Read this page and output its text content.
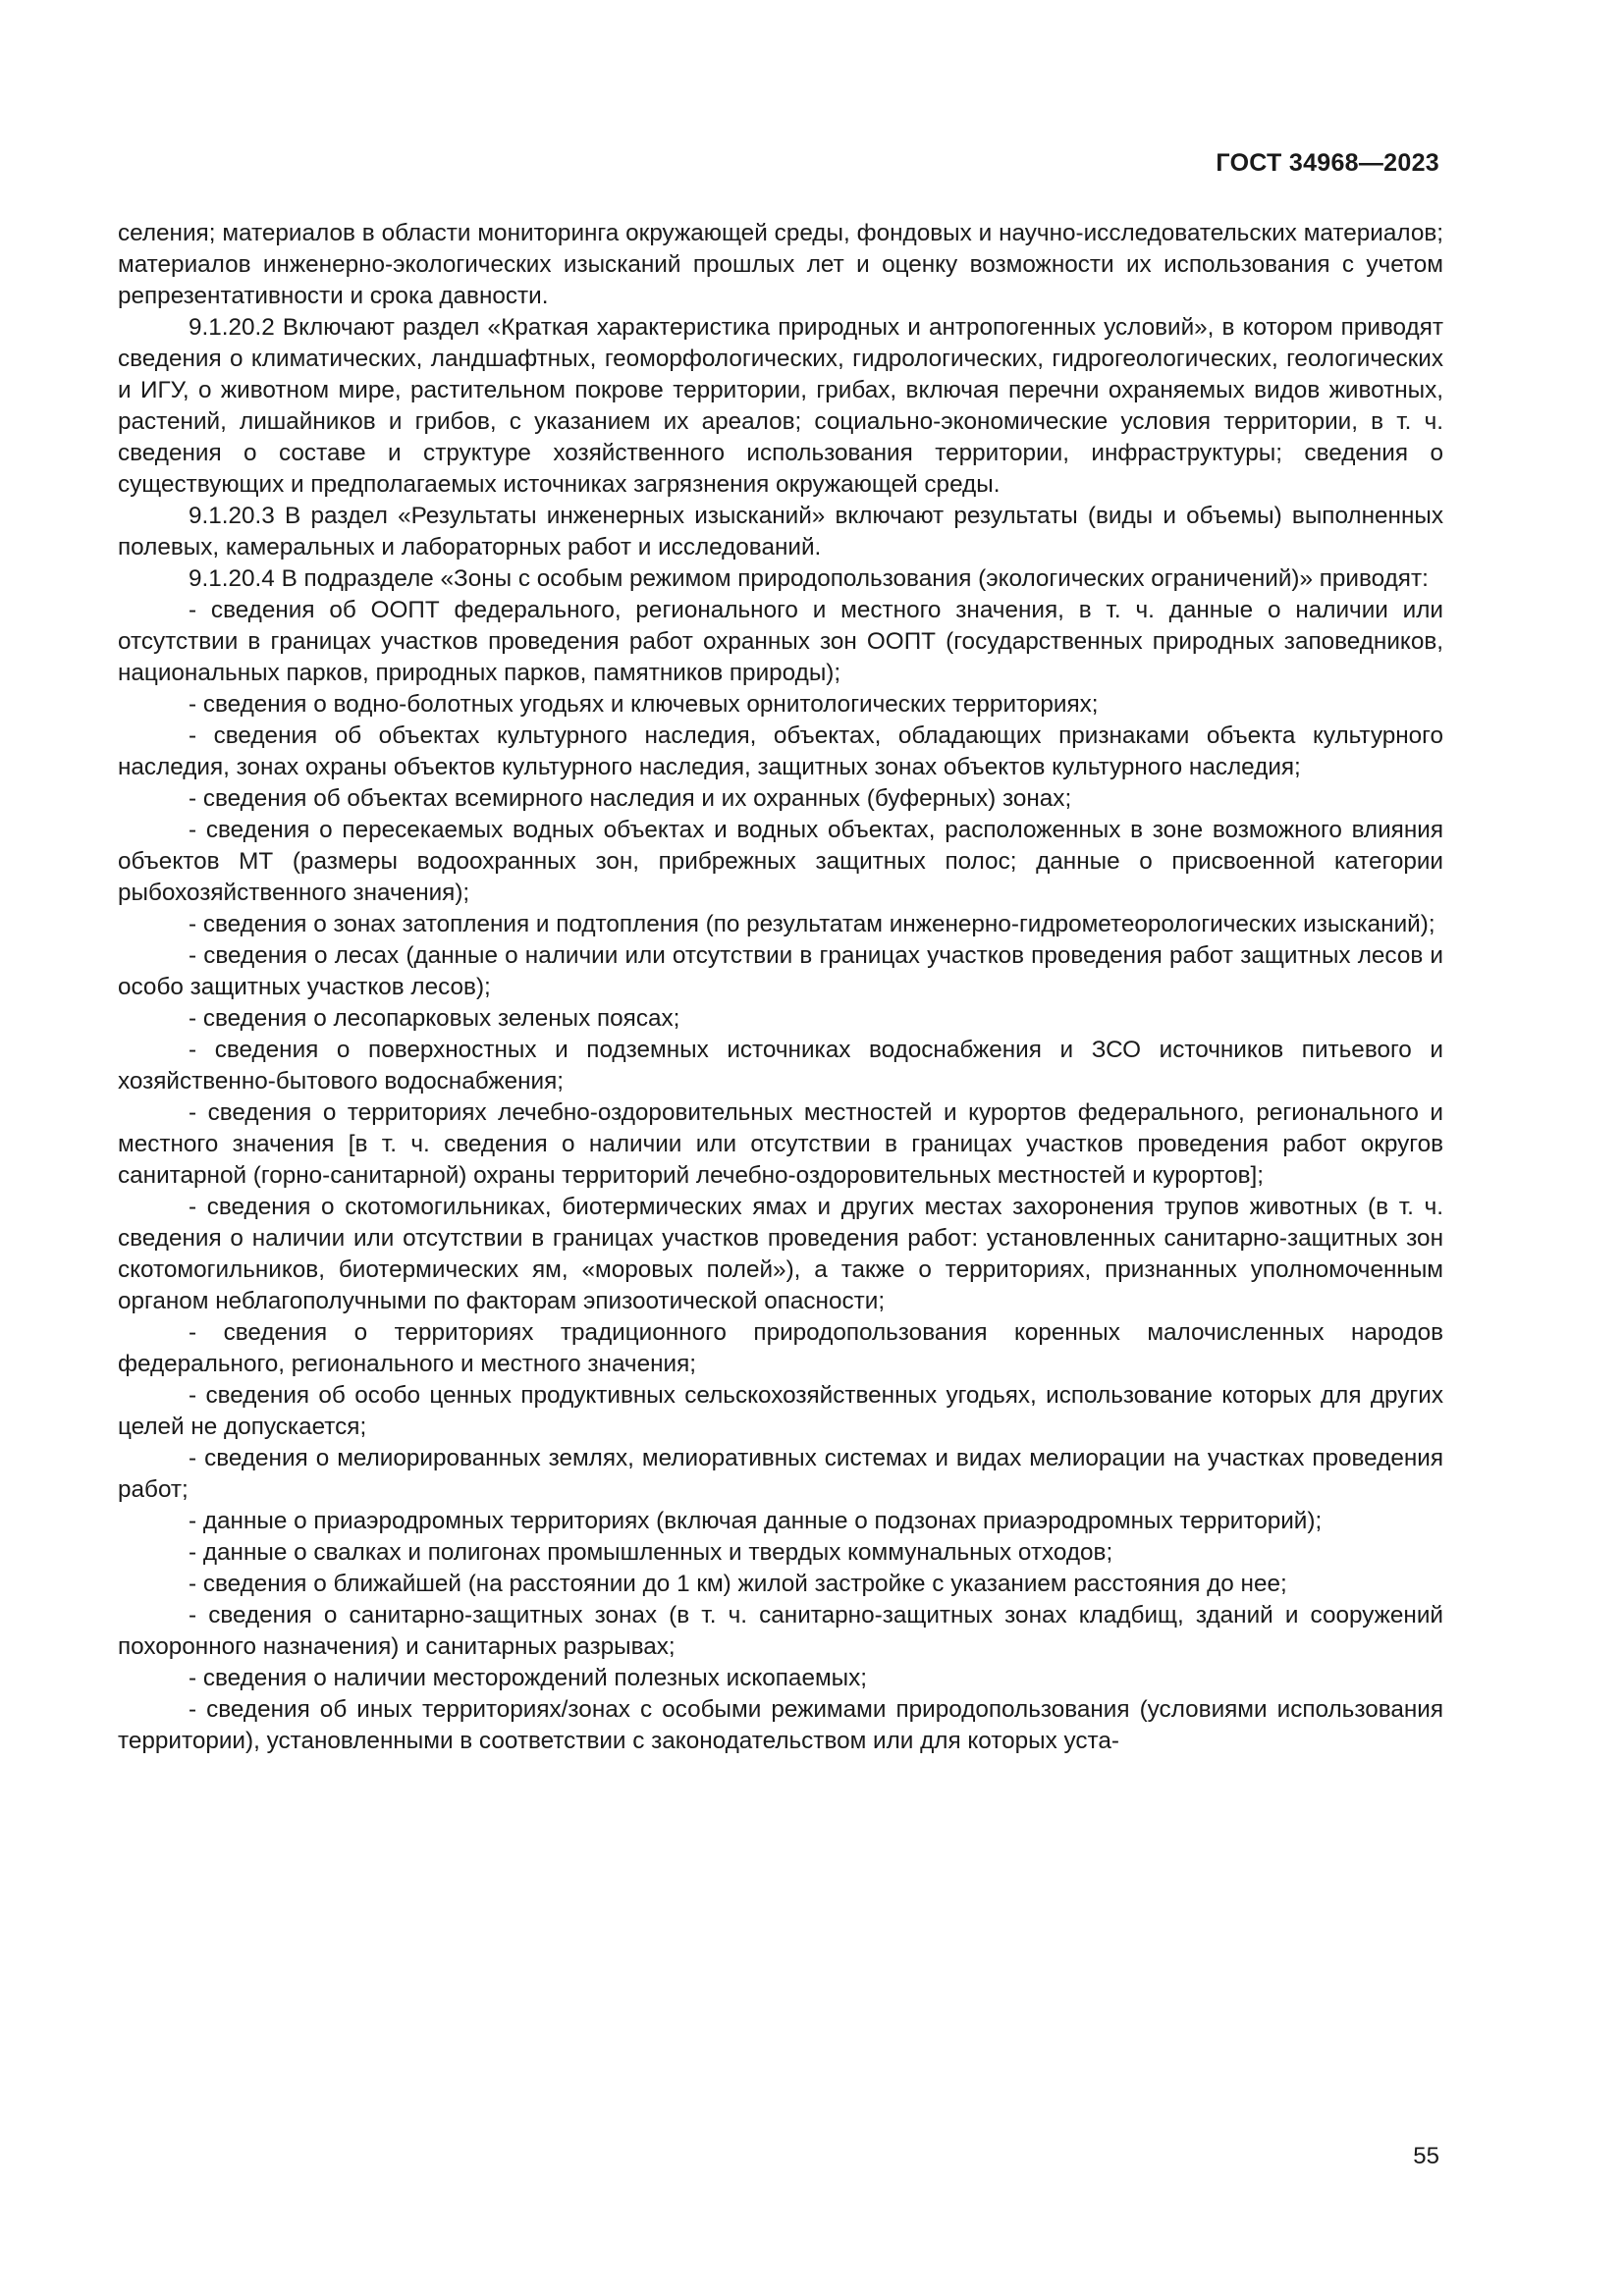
ГОСТ 34968—2023

селения; материалов в области мониторинга окружающей среды, фондовых и научно-исследовательских материалов; материалов инженерно-экологических изысканий прошлых лет и оценку возможности их использования с учетом репрезентативности и срока давности.

9.1.20.2 Включают раздел «Краткая характеристика природных и антропогенных условий», в котором приводят сведения о климатических, ландшафтных, геоморфологических, гидрологических, гидрогеологических, геологических и ИГУ, о животном мире, растительном покрове территории, грибах, включая перечни охраняемых видов животных, растений, лишайников и грибов, с указанием их ареалов; социально-экономические условия территории, в т. ч. сведения о составе и структуре хозяйственного использования территории, инфраструктуры; сведения о существующих и предполагаемых источниках загрязнения окружающей среды.

9.1.20.3 В раздел «Результаты инженерных изысканий» включают результаты (виды и объемы) выполненных полевых, камеральных и лабораторных работ и исследований.

9.1.20.4 В подразделе «Зоны с особым режимом природопользования (экологических ограничений)» приводят:

- сведения об ООПТ федерального, регионального и местного значения, в т. ч. данные о наличии или отсутствии в границах участков проведения работ охранных зон ООПТ (государственных природных заповедников, национальных парков, природных парков, памятников природы);

- сведения о водно-болотных угодьях и ключевых орнитологических территориях;

- сведения об объектах культурного наследия, объектах, обладающих признаками объекта культурного наследия, зонах охраны объектов культурного наследия, защитных зонах объектов культурного наследия;

- сведения об объектах всемирного наследия и их охранных (буферных) зонах;

- сведения о пересекаемых водных объектах и водных объектах, расположенных в зоне возможного влияния объектов МТ (размеры водоохранных зон, прибрежных защитных полос; данные о присвоенной категории рыбохозяйственного значения);

- сведения о зонах затопления и подтопления (по результатам инженерно-гидрометеорологических изысканий);

- сведения о лесах (данные о наличии или отсутствии в границах участков проведения работ защитных лесов и особо защитных участков лесов);

- сведения о лесопарковых зеленых поясах;

- сведения о поверхностных и подземных источниках водоснабжения и ЗСО источников питьевого и хозяйственно-бытового водоснабжения;

- сведения о территориях лечебно-оздоровительных местностей и курортов федерального, регионального и местного значения [в т. ч. сведения о наличии или отсутствии в границах участков проведения работ округов санитарной (горно-санитарной) охраны территорий лечебно-оздоровительных местностей и курортов];

- сведения о скотомогильниках, биотермических ямах и других местах захоронения трупов животных (в т. ч. сведения о наличии или отсутствии в границах участков проведения работ: установленных санитарно-защитных зон скотомогильников, биотермических ям, «моровых полей»), а также о территориях, признанных уполномоченным органом неблагополучными по факторам эпизоотической опасности;

- сведения о территориях традиционного природопользования коренных малочисленных народов федерального, регионального и местного значения;

- сведения об особо ценных продуктивных сельскохозяйственных угодьях, использование которых для других целей не допускается;

- сведения о мелиорированных землях, мелиоративных системах и видах мелиорации на участках проведения работ;

- данные о приаэродромных территориях (включая данные о подзонах приаэродромных территорий);

- данные о свалках и полигонах промышленных и твердых коммунальных отходов;

- сведения о ближайшей (на расстоянии до 1 км) жилой застройке с указанием расстояния до нее;

- сведения о санитарно-защитных зонах (в т. ч. санитарно-защитных зонах кладбищ, зданий и сооружений похоронного назначения) и санитарных разрывах;

- сведения о наличии месторождений полезных ископаемых;

- сведения об иных территориях/зонах с особыми режимами природопользования (условиями использования территории), установленными в соответствии с законодательством или для которых уста-

55
